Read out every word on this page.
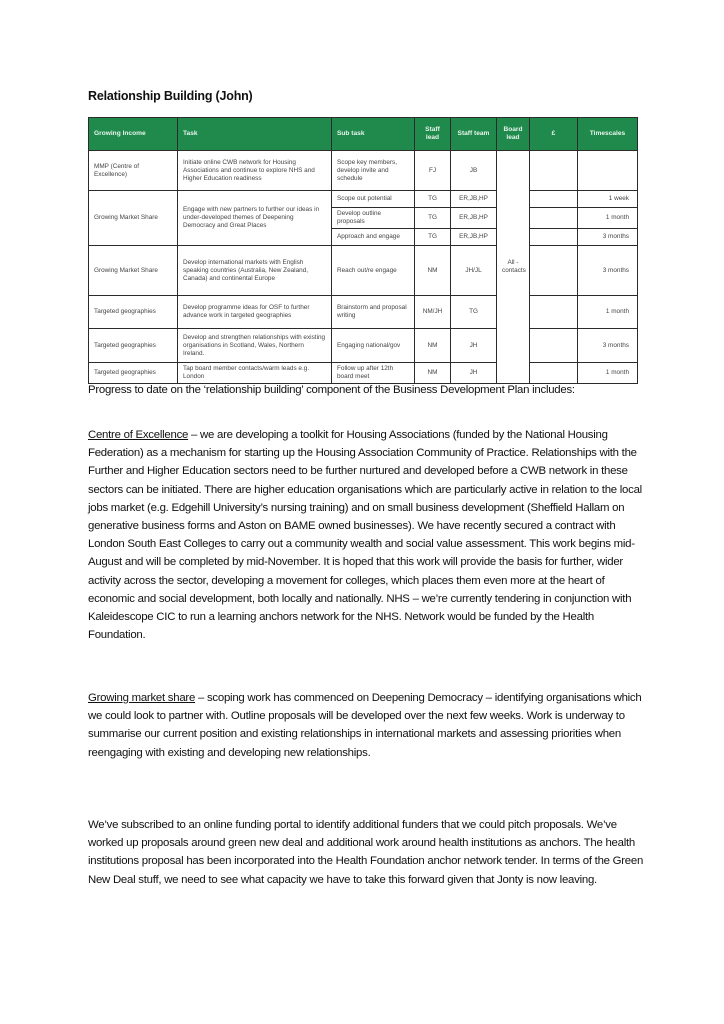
Relationship Building (John)
Growing Income	Task	Sub task	Staff lead	Staff team	Board lead	£	Timescales
MMP (Centre of Excellence)	Initiate online CWB network for Housing Associations and continue to explore NHS and Higher Education readiness	Scope key members, develop invite and schedule	FJ	JB	All - contacts		
Growing Market Share	Engage with new partners to further our ideas in under-developed themes of Deepening Democracy and Great Places	Scope out potential	TG	ER,JB,HP			1 week
		Develop outline proposals	TG	ER,JB,HP			1 month
		Approach and engage	TG	ER,JB,HP			3 months
Growing Market Share	Develop international markets with English speaking countries (Australia, New Zealand, Canada) and continental Europe	Reach out/re engage	NM	JH/JL			3 months
Targeted geographies	Develop programme ideas for OSF to further advance work in targeted geographies	Brainstorm and proposal writing	NM/JH	TG			1 month
Targeted geographies	Develop and strengthen relationships with existing organisations in Scotland, Wales, Northern Ireland.	Engaging national/gov	NM	JH			3 months
Targeted geographies	Tap board member contacts/warm leads e.g. London	Follow up after 12th board meet	NM	JH			1 month

Progress to date on the ‘relationship building’ component of the Business Development Plan includes:

Centre of Excellence – we are developing a toolkit for Housing Associations (funded by the National Housing Federation) as a mechanism for starting up the Housing Association Community of Practice. Relationships with the Further and Higher Education sectors need to be further nurtured and developed before a CWB network in these sectors can be initiated. There are higher education organisations which are particularly active in relation to the local jobs market (e.g. Edgehill University’s nursing training) and on small business development (Sheffield Hallam on generative business forms and Aston on BAME owned businesses). We have recently secured a contract with London South East Colleges to carry out a community wealth and social value assessment. This work begins mid-August and will be completed by mid-November. It is hoped that this work will provide the basis for further, wider activity across the sector, developing a movement for colleges, which places them even more at the heart of economic and social development, both locally and nationally. NHS – we’re currently tendering in conjunction with Kaleidescope CIC to run a learning anchors network for the NHS. Network would be funded by the Health Foundation.

Growing market share – scoping work has commenced on Deepening Democracy – identifying organisations which we could look to partner with. Outline proposals will be developed over the next few weeks. Work is underway to summarise our current position and existing relationships in international markets and assessing priorities when reengaging with existing and developing new relationships.

We’ve subscribed to an online funding portal to identify additional funders that we could pitch proposals. We’ve worked up proposals around green new deal and additional work around health institutions as anchors. The health institutions proposal has been incorporated into the Health Foundation anchor network tender. In terms of the Green New Deal stuff, we need to see what capacity we have to take this forward given that Jonty is now leaving.
